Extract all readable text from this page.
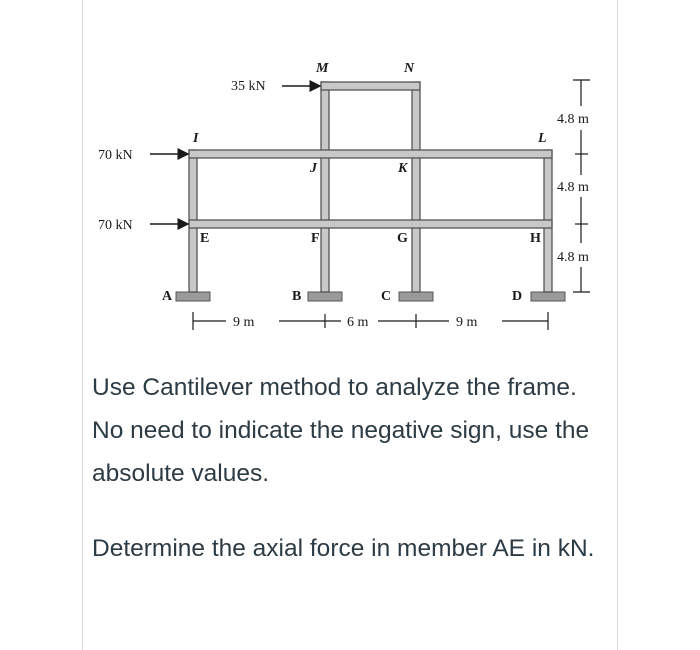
35 kN
70 kN
70 kN
M	N
I	L
J	K
E	F	G	H
A	B	C	D
9 m	6 m	9 m
4.8 m
4.8 m
4.8 m

Use Cantilever method to analyze the frame. No need to indicate the negative sign, use the absolute values.

Determine the axial force in member AE in kN.
